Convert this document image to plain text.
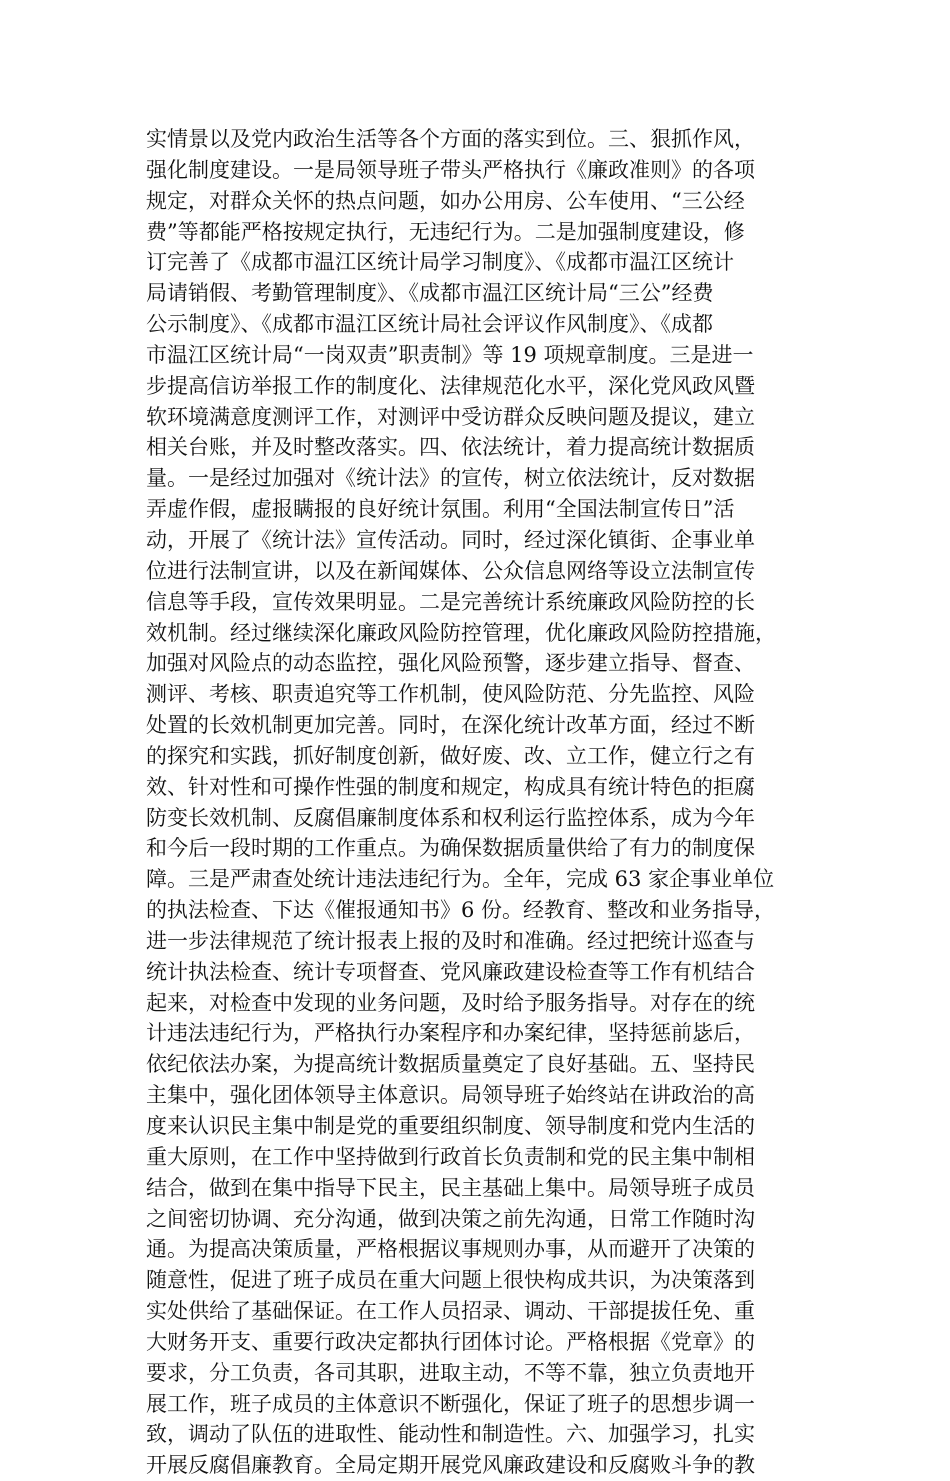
实情景以及党内政治生活等各个方面的落实到位。三、狠抓作风，
强化制度建设。一是局领导班子带头严格执行《廉政准则》的各项
规定，对群众关怀的热点问题，如办公用房、公车使用、“三公经
费”等都能严格按规定执行，无违纪行为。二是加强制度建设，修
订完善了《成都市温江区统计局学习制度》、《成都市温江区统计
局请销假、考勤管理制度》、《成都市温江区统计局“三公”经费
公示制度》、《成都市温江区统计局社会评议作风制度》、《成都
市温江区统计局“一岗双责”职责制》等 19 项规章制度。三是进一
步提高信访举报工作的制度化、法律规范化水平，深化党风政风暨
软环境满意度测评工作，对测评中受访群众反映问题及提议，建立
相关台账，并及时整改落实。四、依法统计，着力提高统计数据质
量。一是经过加强对《统计法》的宣传，树立依法统计，反对数据
弄虚作假，虚报瞒报的良好统计氛围。利用“全国法制宣传日”活
动，开展了《统计法》宣传活动。同时，经过深化镇街、企事业单
位进行法制宣讲，以及在新闻媒体、公众信息网络等设立法制宣传
信息等手段，宣传效果明显。二是完善统计系统廉政风险防控的长
效机制。经过继续深化廉政风险防控管理，优化廉政风险防控措施，
加强对风险点的动态监控，强化风险预警，逐步建立指导、督查、
测评、考核、职责追究等工作机制，使风险防范、分先监控、风险
处置的长效机制更加完善。同时，在深化统计改革方面，经过不断
的探究和实践，抓好制度创新，做好废、改、立工作，健立行之有
效、针对性和可操作性强的制度和规定，构成具有统计特色的拒腐
防变长效机制、反腐倡廉制度体系和权利运行监控体系，成为今年
和今后一段时期的工作重点。为确保数据质量供给了有力的制度保
障。三是严肃查处统计违法违纪行为。全年，完成 63 家企事业单位
的执法检查、下达《催报通知书》6 份。经教育、整改和业务指导，
进一步法律规范了统计报表上报的及时和准确。经过把统计巡查与
统计执法检查、统计专项督查、党风廉政建设检查等工作有机结合
起来，对检查中发现的业务问题，及时给予服务指导。对存在的统
计违法违纪行为，严格执行办案程序和办案纪律，坚持惩前毖后，
依纪依法办案，为提高统计数据质量奠定了良好基础。五、坚持民
主集中，强化团体领导主体意识。局领导班子始终站在讲政治的高
度来认识民主集中制是党的重要组织制度、领导制度和党内生活的
重大原则，在工作中坚持做到行政首长负责制和党的民主集中制相
结合，做到在集中指导下民主，民主基础上集中。局领导班子成员
之间密切协调、充分沟通，做到决策之前先沟通，日常工作随时沟
通。为提高决策质量，严格根据议事规则办事，从而避开了决策的
随意性，促进了班子成员在重大问题上很快构成共识，为决策落到
实处供给了基础保证。在工作人员招录、调动、干部提拔任免、重
大财务开支、重要行政决定都执行团体讨论。严格根据《党章》的
要求，分工负责，各司其职，进取主动，不等不靠，独立负责地开
展工作，班子成员的主体意识不断强化，保证了班子的思想步调一
致，调动了队伍的进取性、能动性和制造性。六、加强学习，扎实
开展反腐倡廉教育。全局定期开展党风廉政建设和反腐败斗争的教
